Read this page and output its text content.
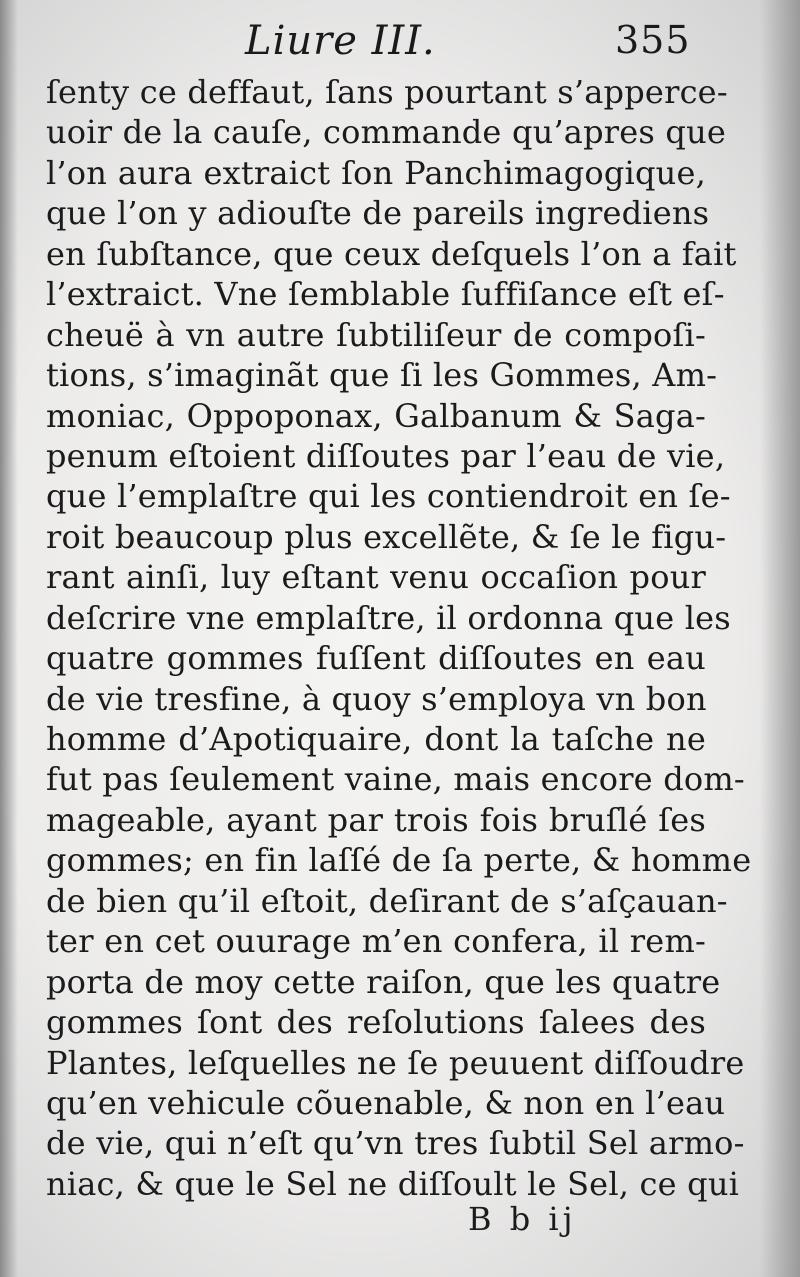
Liure III.	355
ſenty ce deffaut, ſans pourtant s’apperce-
uoir de la cauſe, commande qu’apres que
l’on aura extraict ſon Panchimagogique,
que l’on y adiouſte de pareils ingrediens
en ſubſtance, que ceux deſquels l’on a fait
l’extraict. Vne ſemblable ſuffiſance eſt eſ-
cheuë à vn autre ſubtiliſeur de compoſi-
tions, s’imaginãt que ſi les Gommes, Am-
moniac, Oppoponax, Galbanum & Saga-
penum eſtoient diſſoutes par l’eau de vie,
que l’emplaſtre qui les contiendroit en ſe-
roit beaucoup plus excellẽte, & ſe le figu-
rant ainſi, luy eſtant venu occaſion pour
deſcrire vne emplaſtre, il ordonna que les
quatre gommes fuſſent diſſoutes en eau
de vie tresfine, à quoy s’employa vn bon
homme d’Apotiquaire, dont la taſche ne
fut pas ſeulement vaine, mais encore dom-
mageable, ayant par trois fois bruſlé ſes
gommes; en fin laſſé de ſa perte, & homme
de bien qu’il eſtoit, deſirant de s’aſçauan-
ter en cet ouurage m’en confera, il rem-
porta de moy cette raiſon, que les quatre
gommes ſont des reſolutions ſalees des
Plantes, leſquelles ne ſe peuuent diſſoudre
qu’en vehicule cõuenable, & non en l’eau
de vie, qui n’eſt qu’vn tres ſubtil Sel armo-
niac, & que le Sel ne diſſoult le Sel, ce qui
B b ij
